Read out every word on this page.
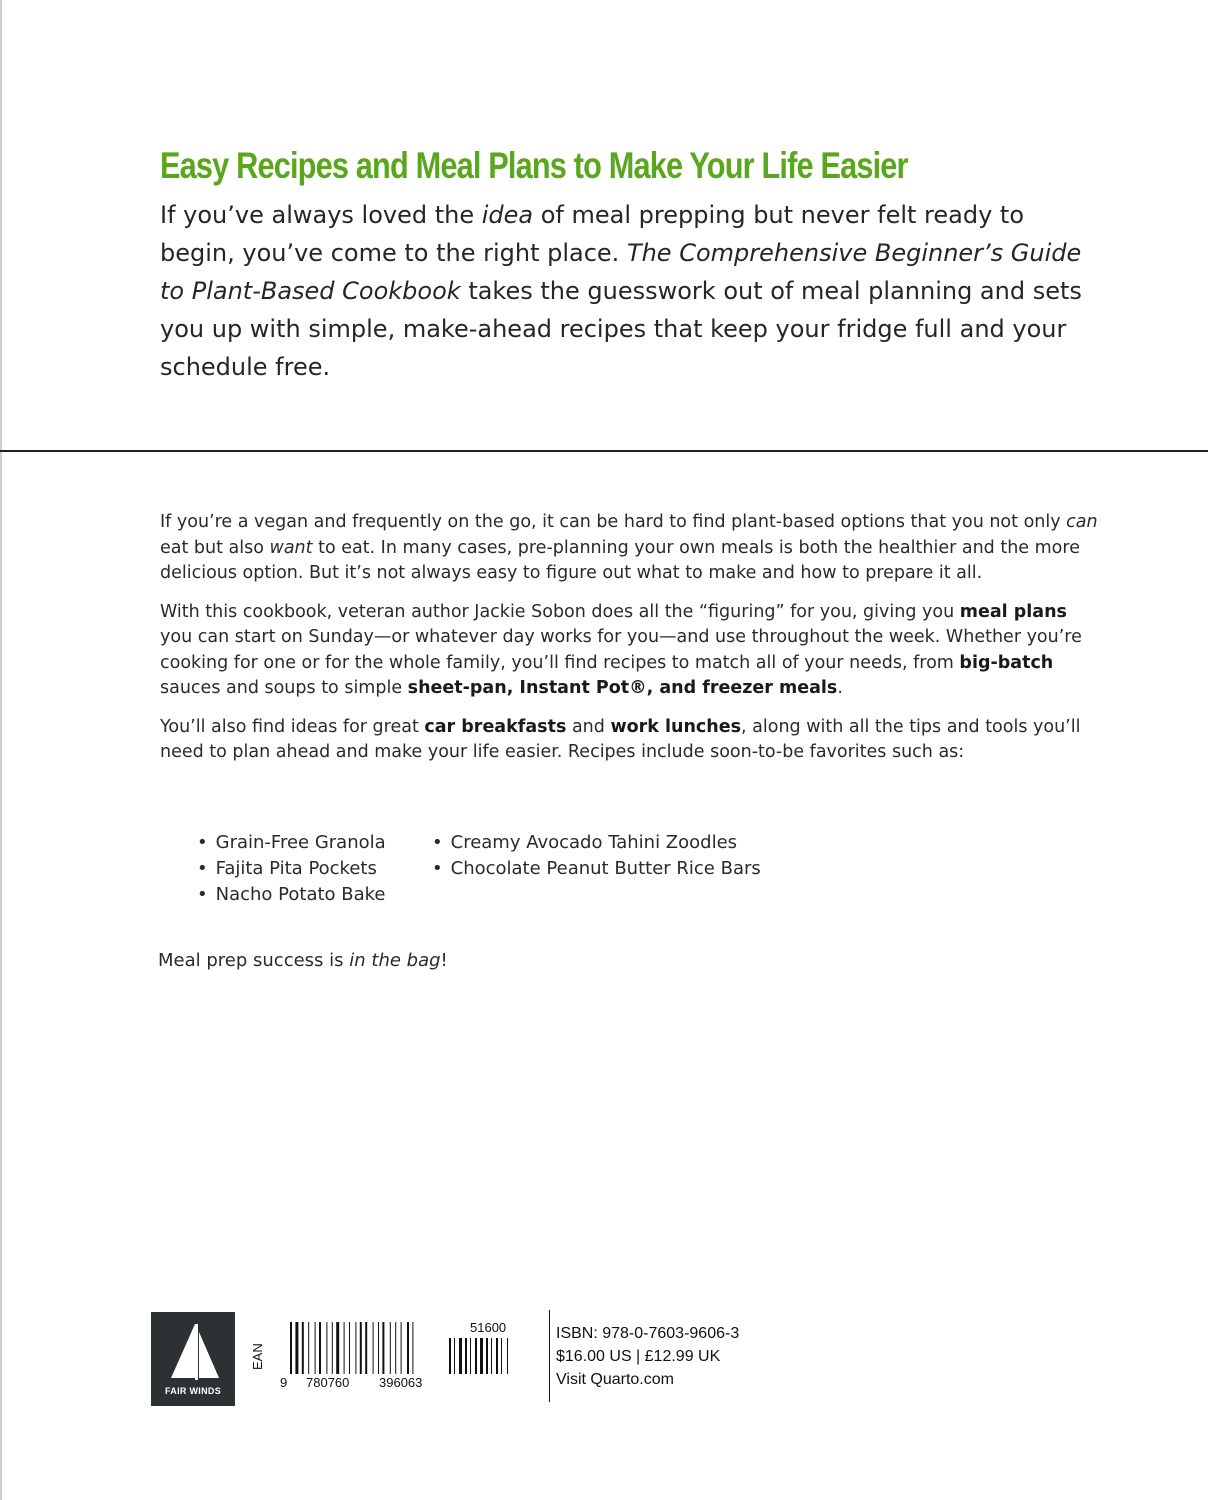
Easy Recipes and Meal Plans to Make Your Life Easier

If you’ve always loved the idea of meal prepping but never felt ready to begin, you’ve come to the right place. The Comprehensive Beginner’s Guide to Plant-Based Cookbook takes the guesswork out of meal planning and sets you up with simple, make-ahead recipes that keep your fridge full and your schedule free.

If you’re a vegan and frequently on the go, it can be hard to find plant-based options that you not only can eat but also want to eat. In many cases, pre-planning your own meals is both the healthier and the more delicious option. But it’s not always easy to figure out what to make and how to prepare it all.

With this cookbook, veteran author Jackie Sobon does all the “figuring” for you, giving you meal plans you can start on Sunday—or whatever day works for you—and use throughout the week. Whether you’re cooking for one or for the whole family, you’ll find recipes to match all of your needs, from big-batch sauces and soups to simple sheet-pan, Instant Pot®, and freezer meals.

You’ll also find ideas for great car breakfasts and work lunches, along with all the tips and tools you’ll need to plan ahead and make your life easier. Recipes include soon-to-be favorites such as:

• Grain-Free Granola
• Fajita Pita Pockets
• Nacho Potato Bake
• Creamy Avocado Tahini Zoodles
• Chocolate Peanut Butter Rice Bars

Meal prep success is in the bag!

FAIR WINDS
EAN
51600
9 780760 396063
ISBN: 978-0-7603-9606-3
$16.00 US | £12.99 UK
Visit Quarto.com
